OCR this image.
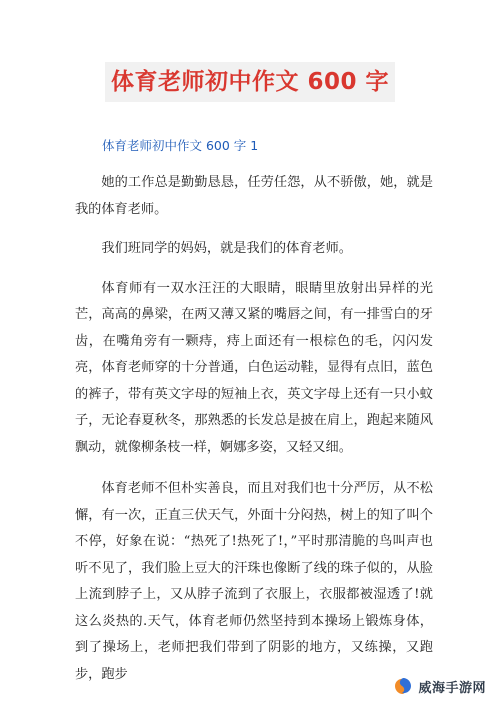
体育老师初中作文 600 字
体育老师初中作文 600 字 1

她的工作总是勤勤恳恳，任劳任怨，从不骄傲，她，就是我的体育老师。

我们班同学的妈妈，就是我们的体育老师。

体育师有一双水汪汪的大眼睛，眼睛里放射出异样的光芒，高高的鼻梁，在两又薄又紧的嘴唇之间，有一排雪白的牙齿，在嘴角旁有一颗痔，痔上面还有一根棕色的毛，闪闪发亮，体育老师穿的十分普通，白色运动鞋，显得有点旧，蓝色的裤子，带有英文字母的短袖上衣，英文字母上还有一只小蚊子，无论春夏秋冬，那熟悉的长发总是披在肩上，跑起来随风飘动，就像柳条枝一样，婀娜多姿，又轻又细。

体育老师不但朴实善良，而且对我们也十分严厉，从不松懈，有一次，正直三伏天气，外面十分闷热，树上的知了叫个不停，好象在说：“热死了!热死了!，”平时那清脆的鸟叫声也听不见了，我们脸上豆大的汗珠也像断了线的珠子似的，从脸上流到脖子上，又从脖子流到了衣服上，衣服都被湿透了!就这么炎热的.天气，体育老师仍然坚持到本操场上锻炼身体，到了操场上，老师把我们带到了阴影的地方，又练操，又跑步，跑步

威海手游网
